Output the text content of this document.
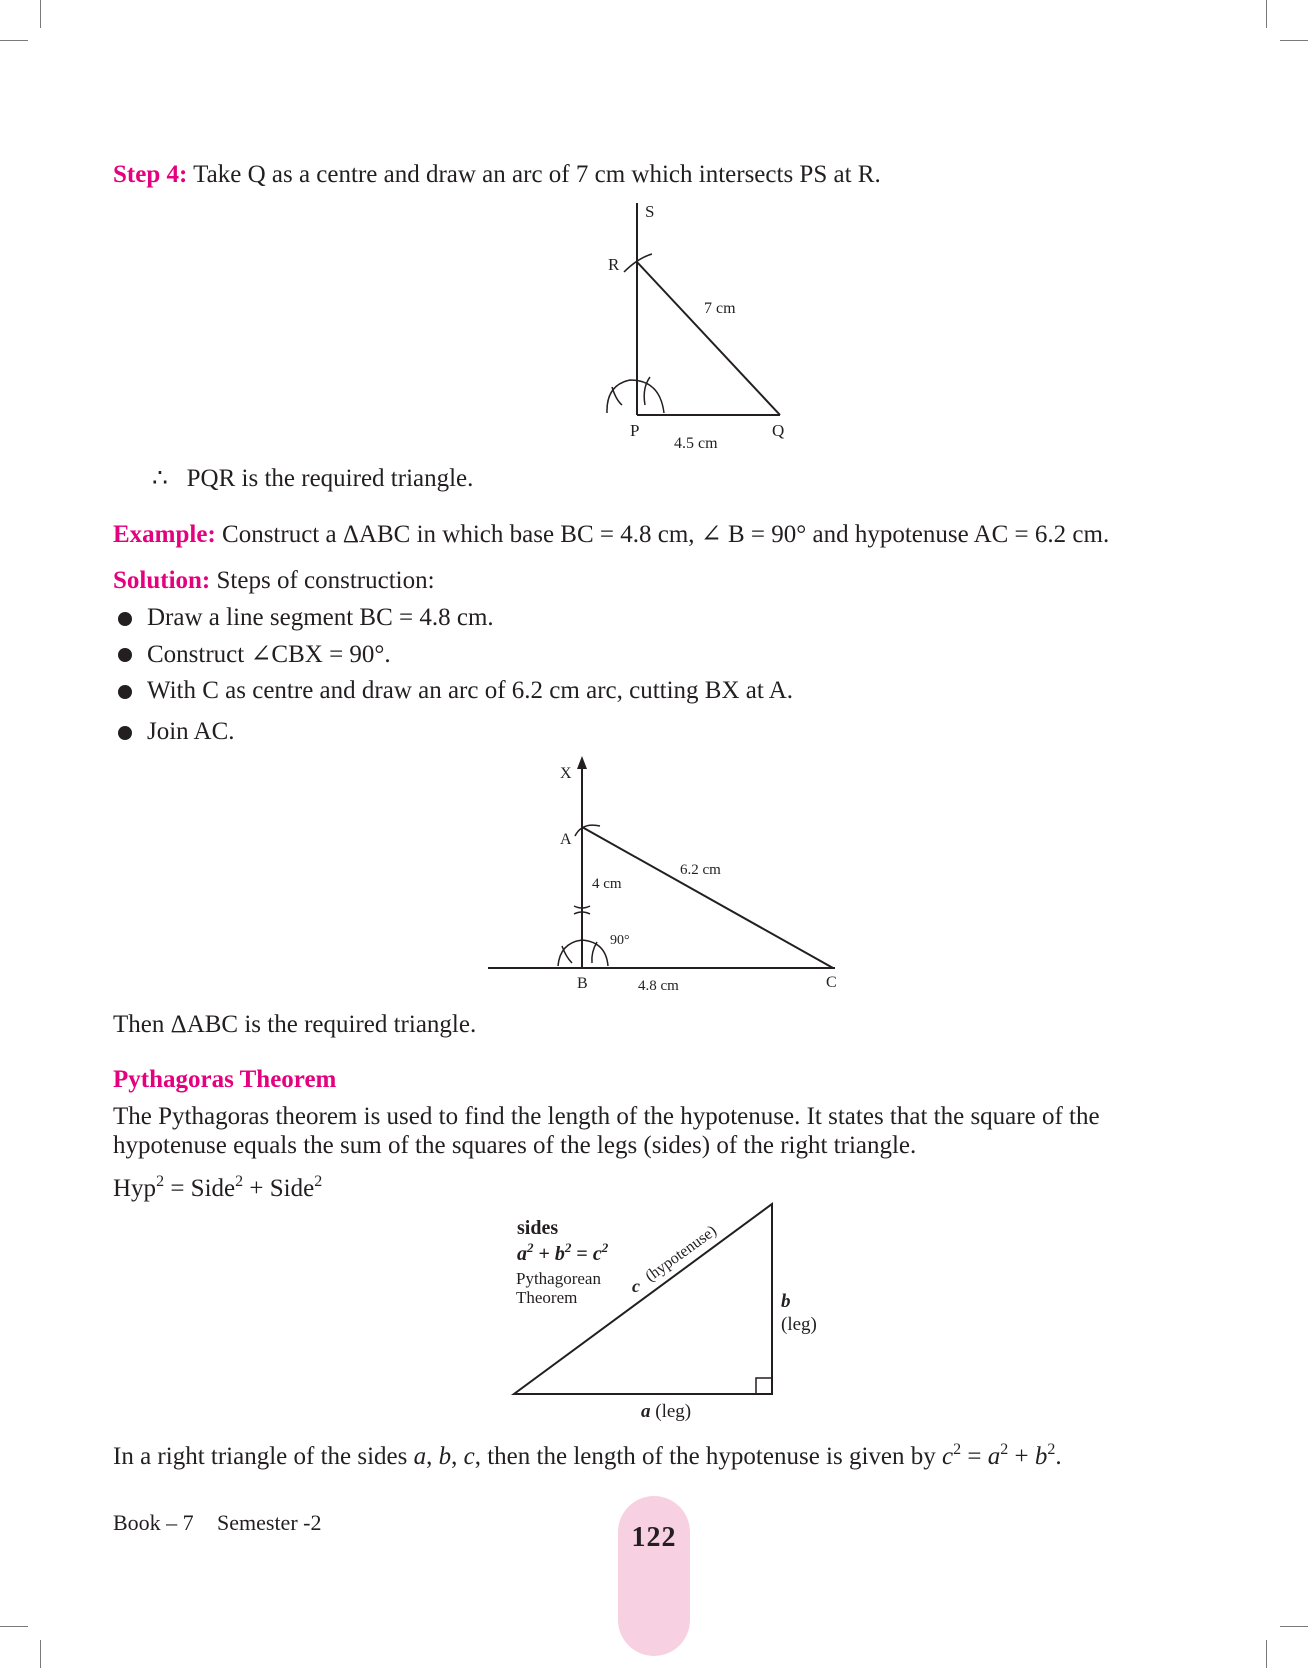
Step 4: Take Q as a centre and draw an arc of 7 cm which intersects PS at R.
S
R
7 cm
P	Q
4.5 cm
∴ PQR is the required triangle.
Example: Construct a ΔABC in which base BC = 4.8 cm, ∠ B = 90° and hypotenuse AC = 6.2 cm.
Solution: Steps of construction:
Draw a line segment BC = 4.8 cm.
Construct ∠CBX = 90°.
With C as centre and draw an arc of 6.2 cm arc, cutting BX at A.
Join AC.
X
A
4 cm
6.2 cm
90°
B	4.8 cm	C
Then ΔABC is the required triangle.
Pythagoras Theorem
The Pythagoras theorem is used to find the length of the hypotenuse. It states that the square of the
hypotenuse equals the sum of the squares of the legs (sides) of the right triangle.
Hyp$^2$ = Side$^2$ + Side$^2$
sides
$a^2 + b^2 = c^2$
Pythagorean
Theorem
c
(hypotenuse)
b
(leg)
a (leg)
In a right triangle of the sides a, b, c, then the length of the hypotenuse is given by $c^2 = a^2 + b^2$.
Book – 7 Semester -2	122
